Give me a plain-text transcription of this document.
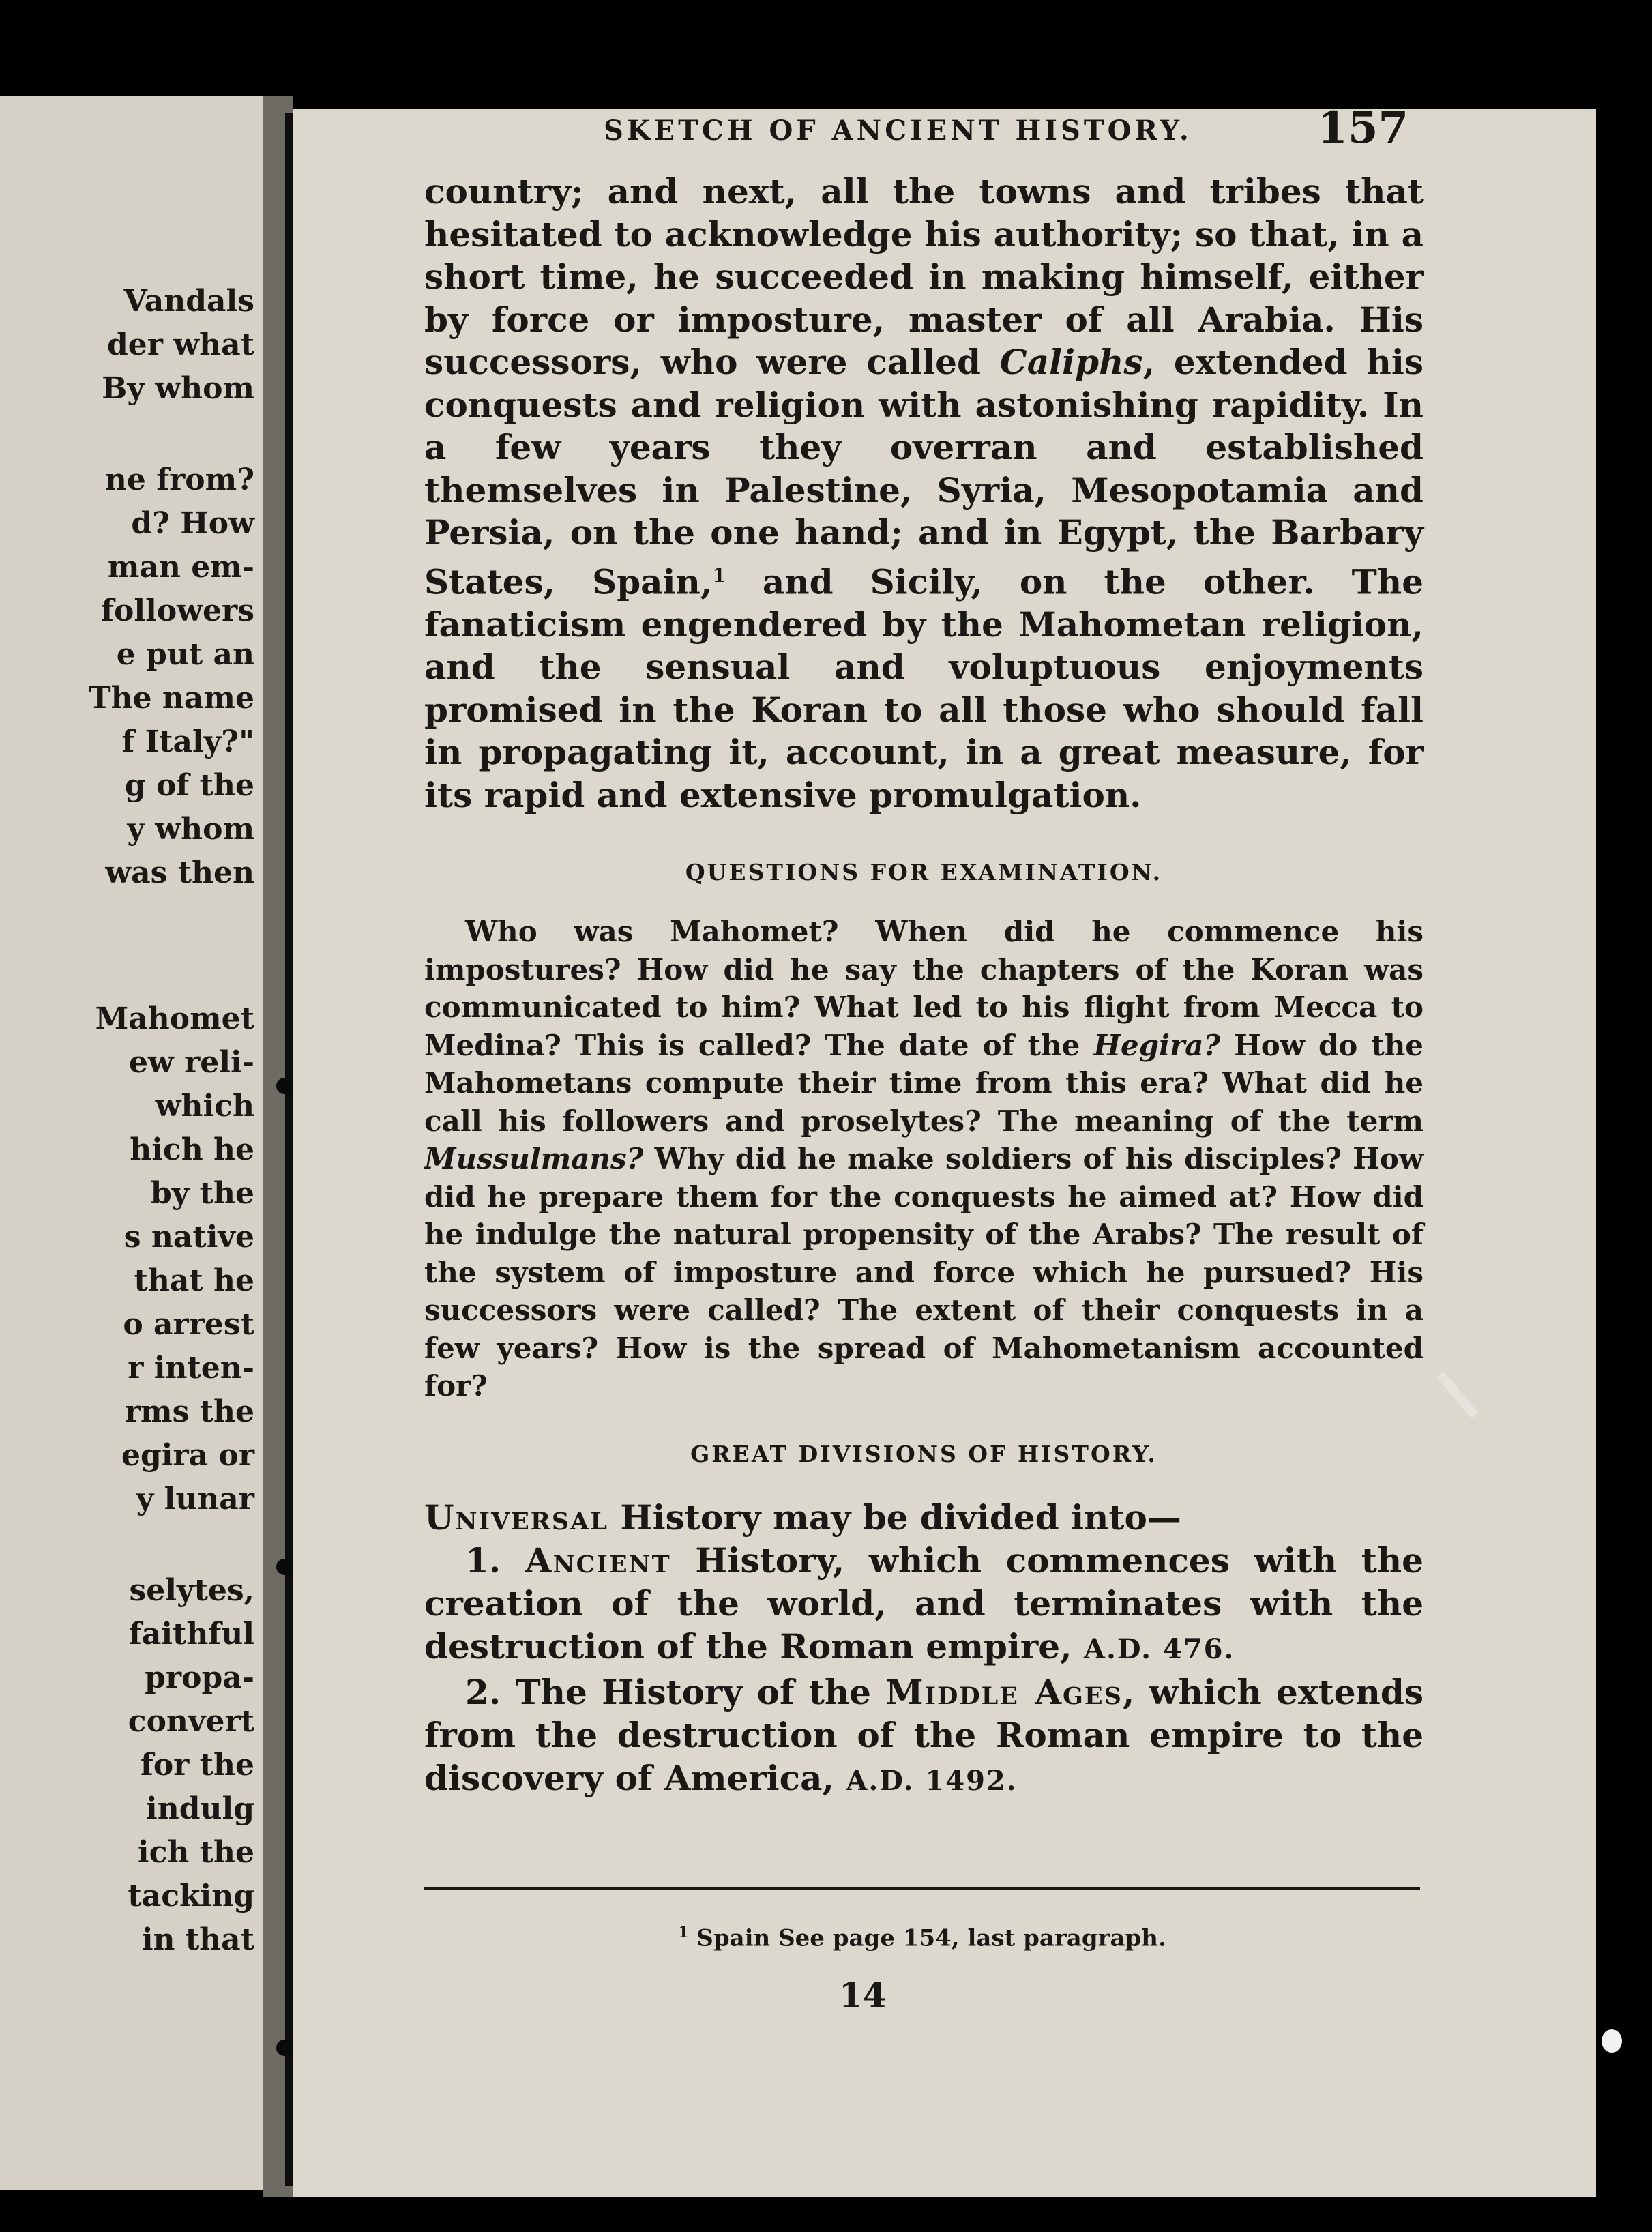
Vandals
der what
By whom
ne from?
d? How
man em-
followers
e put an
The name
f Italy?"
g of the
y whom
was then
Mahomet
ew reli-
which
hich he
by the
s native
that he
o arrest
r inten-
rms the
egira or
y lunar
selytes,
faithful
propa-
convert
for the
indulg
ich the
tacking
in that
SKETCH OF ANCIENT HISTORY.	157

country; and next, all the towns and tribes that hesitated to acknowledge his authority; so that, in a short time, he succeeded in making himself, either by force or imposture, master of all Arabia. His successors, who were called Caliphs, extended his conquests and religion with astonishing rapidity. In a few years they overran and established themselves in Palestine, Syria, Mesopotamia and Persia, on the one hand; and in Egypt, the Barbary States, Spain,$^1$ and Sicily, on the other. The fanaticism engendered by the Mahometan religion, and the sensual and voluptuous enjoyments promised in the Koran to all those who should fall in propagating it, account, in a great measure, for its rapid and extensive promulgation.

QUESTIONS FOR EXAMINATION.

Who was Mahomet? When did he commence his impostures? How did he say the chapters of the Koran was communicated to him? What led to his flight from Mecca to Medina? This is called? The date of the Hegira? How do the Mahometans compute their time from this era? What did he call his followers and proselytes? The meaning of the term Mussulmans? Why did he make soldiers of his disciples? How did he prepare them for the conquests he aimed at? How did he indulge the natural propensity of the Arabs? The result of the system of imposture and force which he pursued? His successors were called? The extent of their conquests in a few years? How is the spread of Mahometanism accounted for?

GREAT DIVISIONS OF HISTORY.

Universal History may be divided into—

1. Ancient History, which commences with the creation of the world, and terminates with the destruction of the Roman empire, A.D. 476.

2. The History of the Middle Ages, which extends from the destruction of the Roman empire to the discovery of America, A.D. 1492.

$^1$ Spain See page 154, last paragraph.
14
